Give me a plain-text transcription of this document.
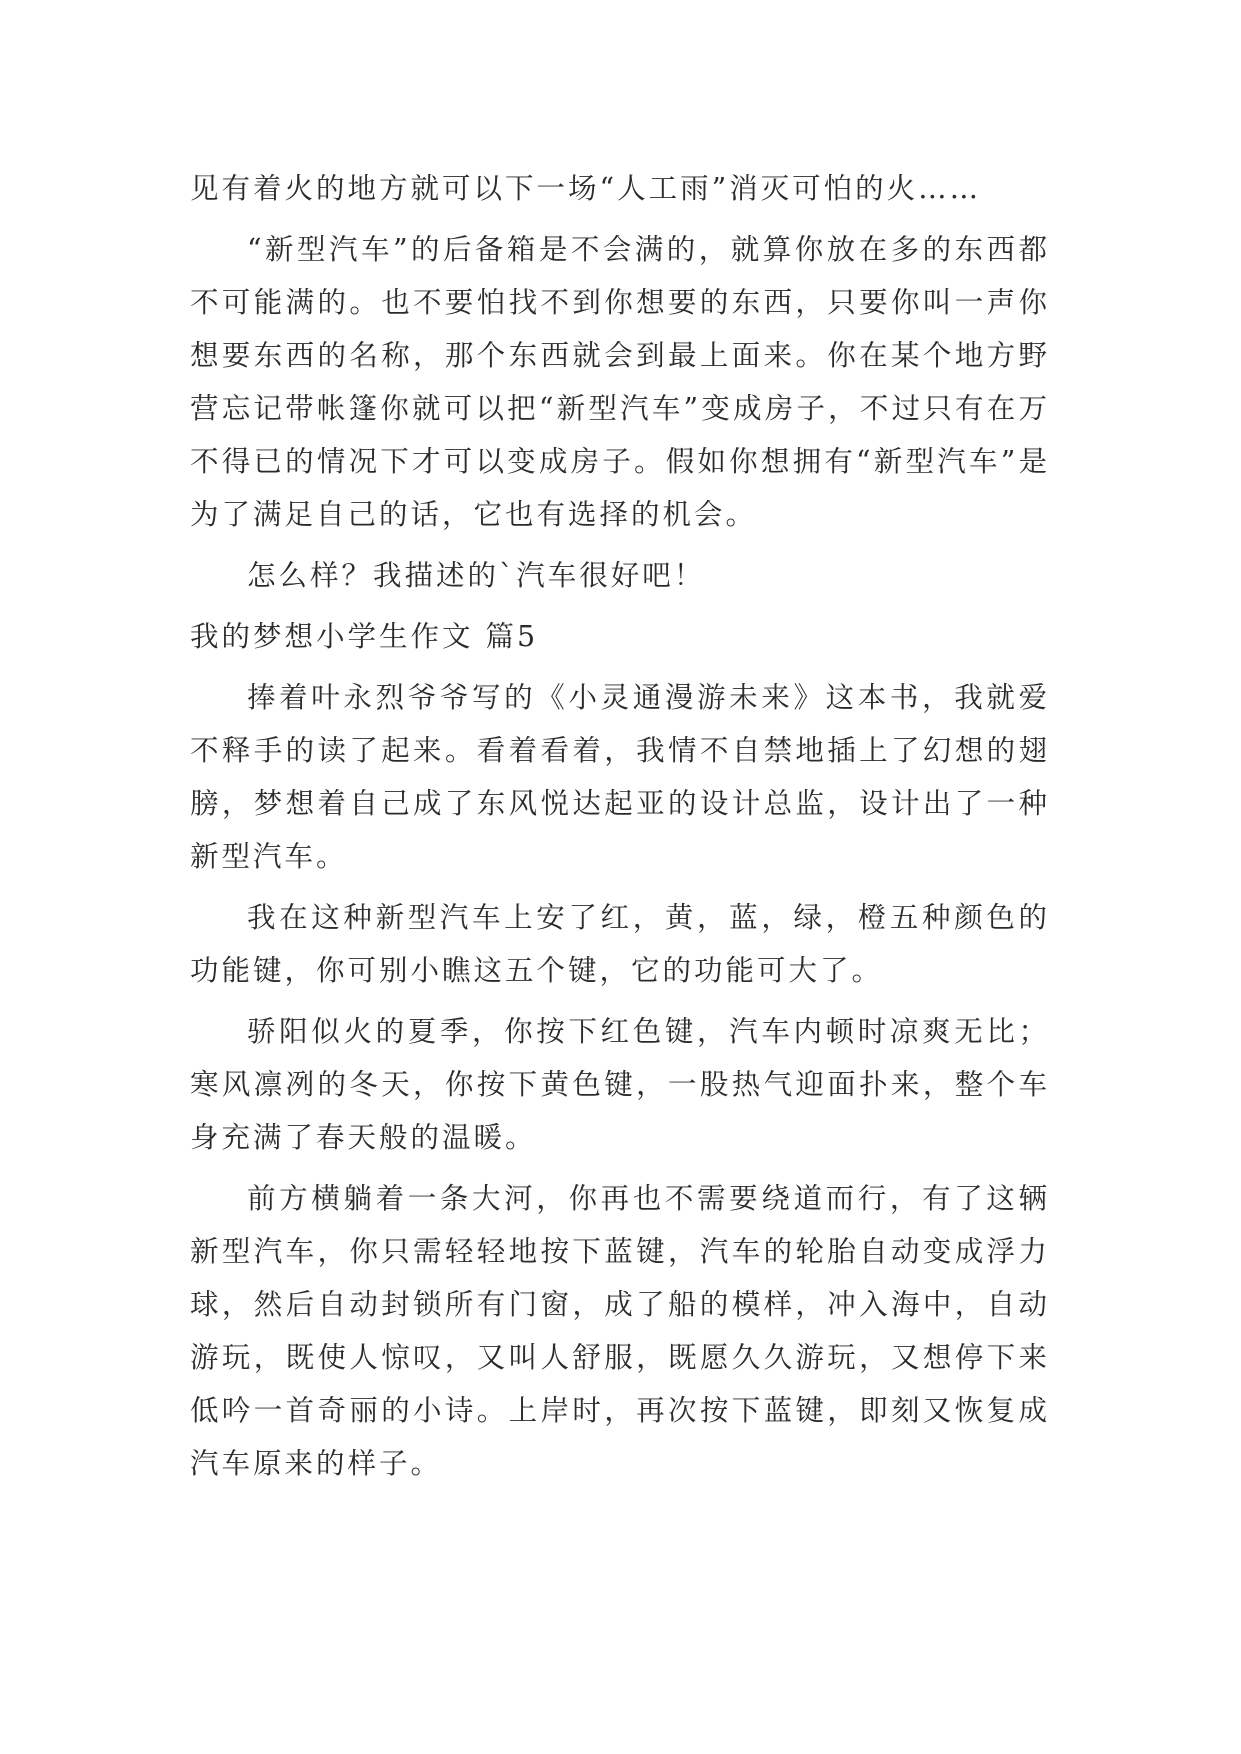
见有着火的地方就可以下一场“人工雨”消灭可怕的火……

“新型汽车”的后备箱是不会满的，就算你放在多的东西都不可能满的。也不要怕找不到你想要的东西，只要你叫一声你想要东西的名称，那个东西就会到最上面来。你在某个地方野营忘记带帐篷你就可以把“新型汽车”变成房子，不过只有在万不得已的情况下才可以变成房子。假如你想拥有“新型汽车”是为了满足自己的话，它也有选择的机会。

怎么样？我描述的`汽车很好吧！

我的梦想小学生作文 篇5

捧着叶永烈爷爷写的《小灵通漫游未来》这本书，我就爱不释手的读了起来。看着看着，我情不自禁地插上了幻想的翅膀，梦想着自己成了东风悦达起亚的设计总监，设计出了一种新型汽车。

我在这种新型汽车上安了红，黄，蓝，绿，橙五种颜色的功能键，你可别小瞧这五个键，它的功能可大了。

骄阳似火的夏季，你按下红色键，汽车内顿时凉爽无比；寒风凛冽的冬天，你按下黄色键，一股热气迎面扑来，整个车身充满了春天般的温暖。

前方横躺着一条大河，你再也不需要绕道而行，有了这辆新型汽车，你只需轻轻地按下蓝键，汽车的轮胎自动变成浮力球，然后自动封锁所有门窗，成了船的模样，冲入海中，自动游玩，既使人惊叹，又叫人舒服，既愿久久游玩，又想停下来低吟一首奇丽的小诗。上岸时，再次按下蓝键，即刻又恢复成汽车原来的样子。
